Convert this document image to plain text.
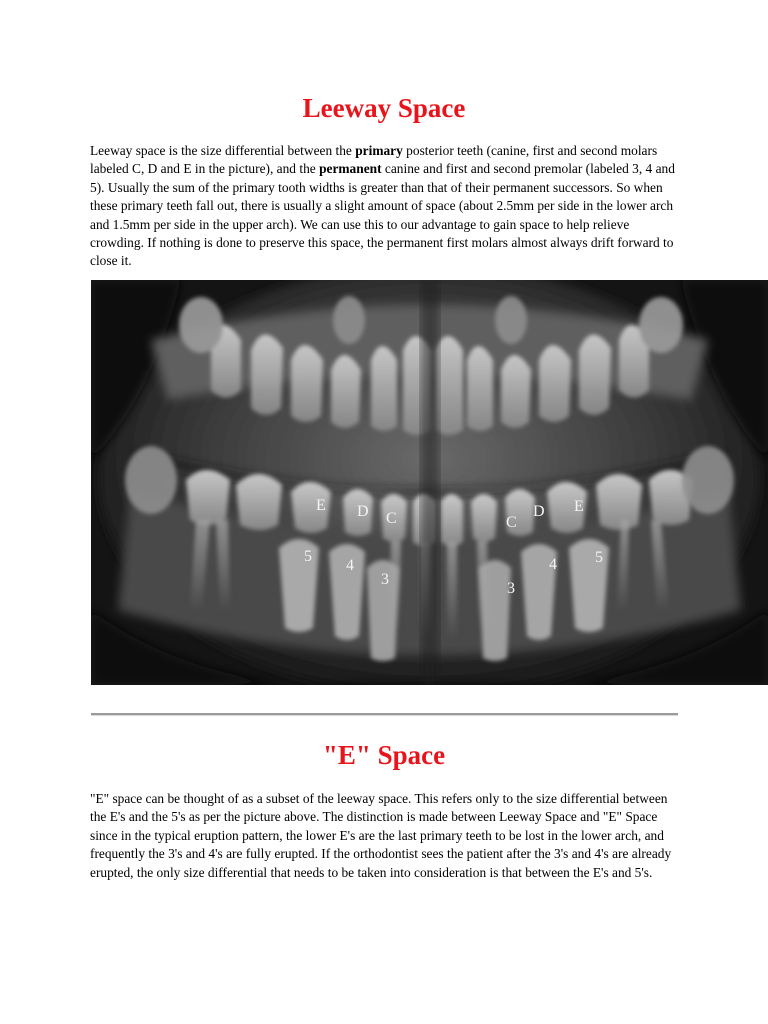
Leeway Space

Leeway space is the size differential between the primary posterior teeth (canine, first and second molars labeled C, D and E in the picture), and the permanent canine and first and second premolar (labeled 3, 4 and 5). Usually the sum of the primary tooth widths is greater than that of their permanent successors. So when these primary teeth fall out, there is usually a slight amount of space (about 2.5mm per side in the lower arch and 1.5mm per side in the upper arch). We can use this to our advantage to gain space to help relieve crowding. If nothing is done to preserve this space, the permanent first molars almost always drift forward to close it.

E D C
5
4
3
C
D E
4 5
3
"E" Space

"E" space can be thought of as a subset of the leeway space. This refers only to the size differential between the E's and the 5's as per the picture above. The distinction is made between Leeway Space and "E" Space since in the typical eruption pattern, the lower E's are the last primary teeth to be lost in the lower arch, and frequently the 3's and 4's are fully erupted. If the orthodontist sees the patient after the 3's and 4's are already erupted, the only size differential that needs to be taken into consideration is that between the E's and 5's.
